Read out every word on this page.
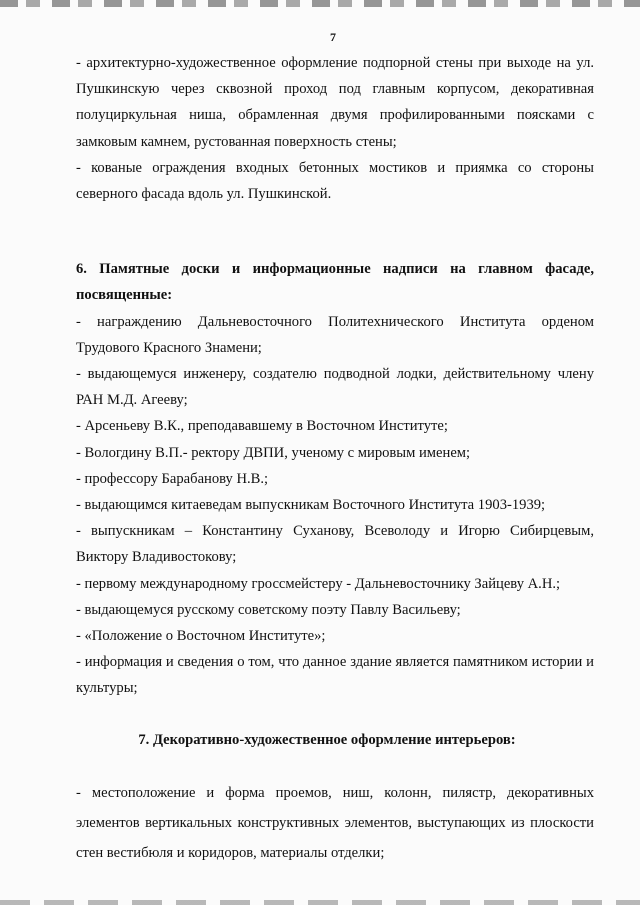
7

- архитектурно-художественное оформление подпорной стены при выходе на ул. Пушкинскую через сквозной проход под главным корпусом, декоративная полуциркульная ниша, обрамленная двумя профилированными поясками с замковым камнем, рустованная поверхность стены;

- кованые ограждения входных бетонных мостиков и приямка со стороны северного фасада вдоль ул. Пушкинской.

6. Памятные доски и информационные надписи на главном фасаде, посвященные:

- награждению Дальневосточного Политехнического Института орденом Трудового Красного Знамени;

- выдающемуся инженеру, создателю подводной лодки, действительному члену РАН М.Д. Агееву;

- Арсеньеву В.К., преподававшему в Восточном Институте;

- Вологдину В.П.- ректору ДВПИ, ученому с мировым именем;

- профессору Барабанову Н.В.;

- выдающимся китаеведам выпускникам Восточного Института 1903-1939;

- выпускникам – Константину Суханову, Всеволоду и Игорю Сибирцевым, Виктору Владивостокову;

- первому международному гроссмейстеру - Дальневосточнику Зайцеву А.Н.;

- выдающемуся русскому советскому поэту Павлу Васильеву;

- «Положение о Восточном Институте»;

- информация и сведения о том, что данное здание является памятником истории и культуры;

7. Декоративно-художественное оформление интерьеров:

- местоположение и форма проемов, ниш, колонн, пилястр, декоративных элементов вертикальных конструктивных элементов, выступающих из плоскости стен вестибюля и коридоров, материалы отделки;
